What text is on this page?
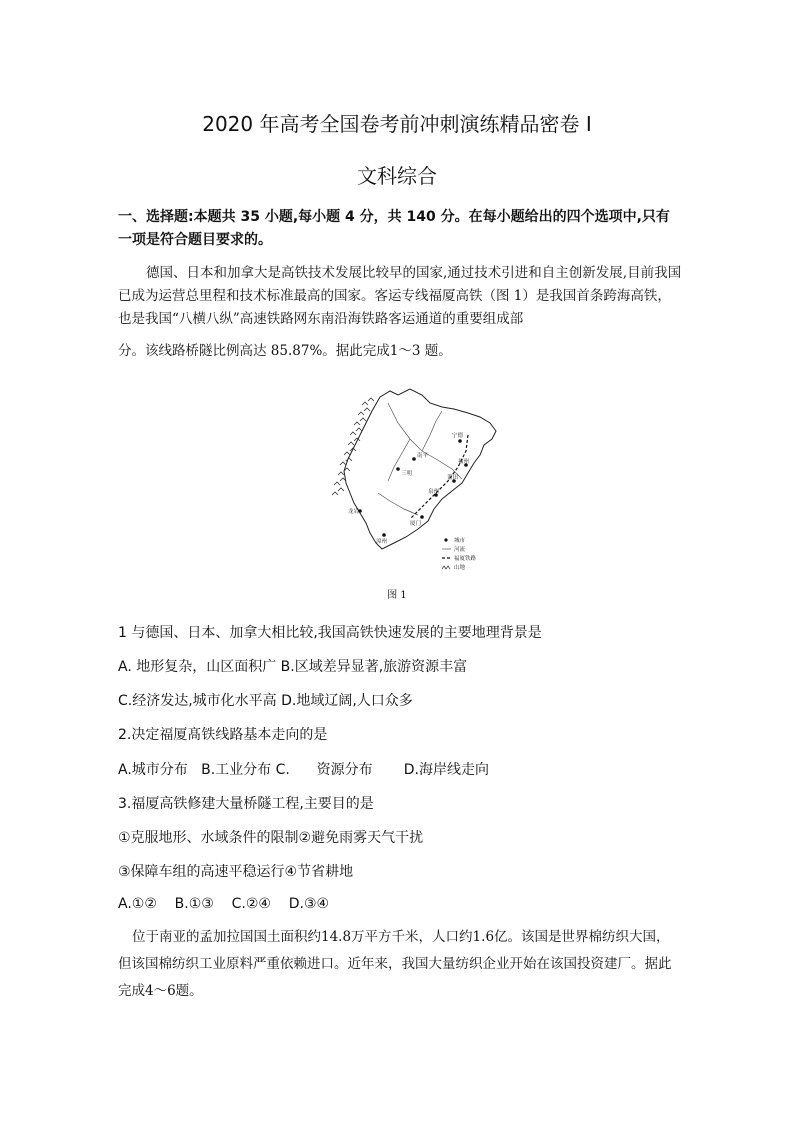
2020 年高考全国卷考前冲刺演练精品密卷 Ⅰ
文科综合
一、选择题:本题共 35 小题,每小题 4 分，共 140 分。在每小题给出的四个选项中,只有一项是符合题目要求的。
德国、日本和加拿大是高铁技术发展比较早的国家,通过技术引进和自主创新发展,目前我国已成为运营总里程和技术标准最高的国家。客运专线福厦高铁（图 1）是我国首条跨海高铁，也是我国“八横八纵”高速铁路网东南沿海铁路客运通道的重要组成部
分。该线路桥隧比例高达 85.87%。据此完成1～3 题。
南平
宁德
三明
福州
莆田
泉州
龙岩
漳州
厦门
城市
河流
福厦铁路
山地
图 1
1 与德国、日本、加拿大相比较,我国高铁快速发展的主要地理背景是
A. 地形复杂，山区面积广 B.区域差异显著,旅游资源丰富
C.经济发达,城市化水平高 D.地域辽阔,人口众多
2.决定福厦髙铁线路基本走向的是
A.城市分布   B.工业分布 C.      资源分布       D.海岸线走向
3.福厦高铁修建大量桥隧工程,主要目的是
①克服地形、水域条件的限制②避免雨雾天气干扰
③保障车组的高速平稳运行④节省耕地
A.①②    B.①③    C.②④    D.③④
位于南亚的孟加拉国国土面积约14.8万平方千米，人口约1.6亿。该国是世界棉纺织大国，但该国棉纺织工业原料严重依赖进口。近年来，我国大量纺织企业开始在该国投资建厂。据此完成4～6题。
